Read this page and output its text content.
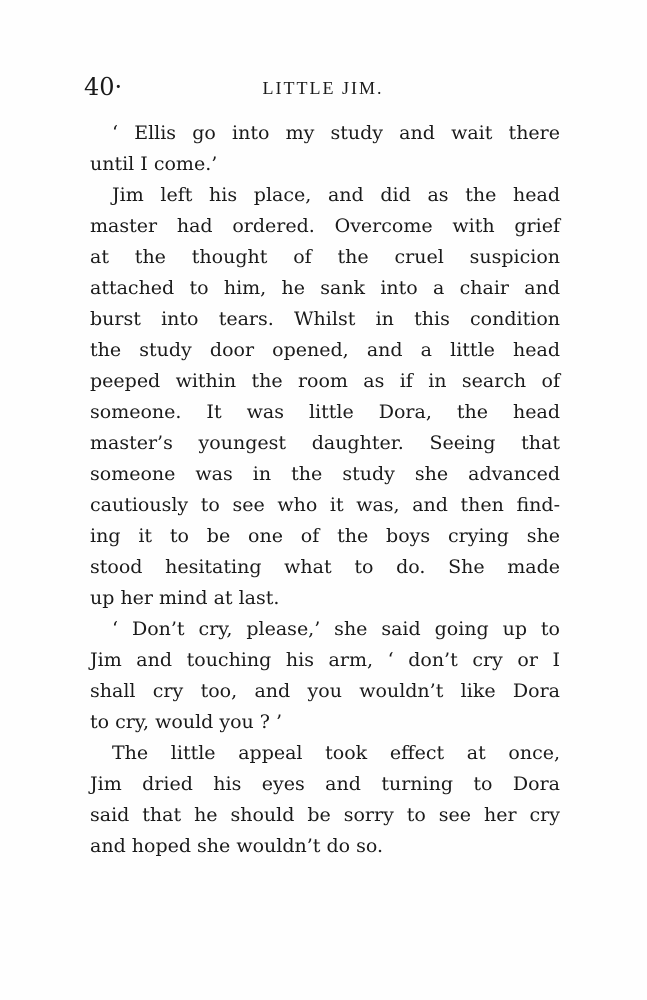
40·	LITTLE JIM.
‘ Ellis go into my study and wait there
until I come.’
Jim left his place, and did as the head
master had ordered. Overcome with grief
at the thought of the cruel suspicion
attached to him, he sank into a chair and
burst into tears. Whilst in this condition
the study door opened, and a little head
peeped within the room as if in search of
someone. It was little Dora, the head
master’s youngest daughter. Seeing that
someone was in the study she advanced
cautiously to see who it was, and then find-
ing it to be one of the boys crying she
stood hesitating what to do. She made
up her mind at last.
‘ Don’t cry, please,’ she said going up to
Jim and touching his arm, ‘ don’t cry or I
shall cry too, and you wouldn’t like Dora
to cry, would you ? ’
The little appeal took effect at once,
Jim dried his eyes and turning to Dora
said that he should be sorry to see her cry
and hoped she wouldn’t do so.
